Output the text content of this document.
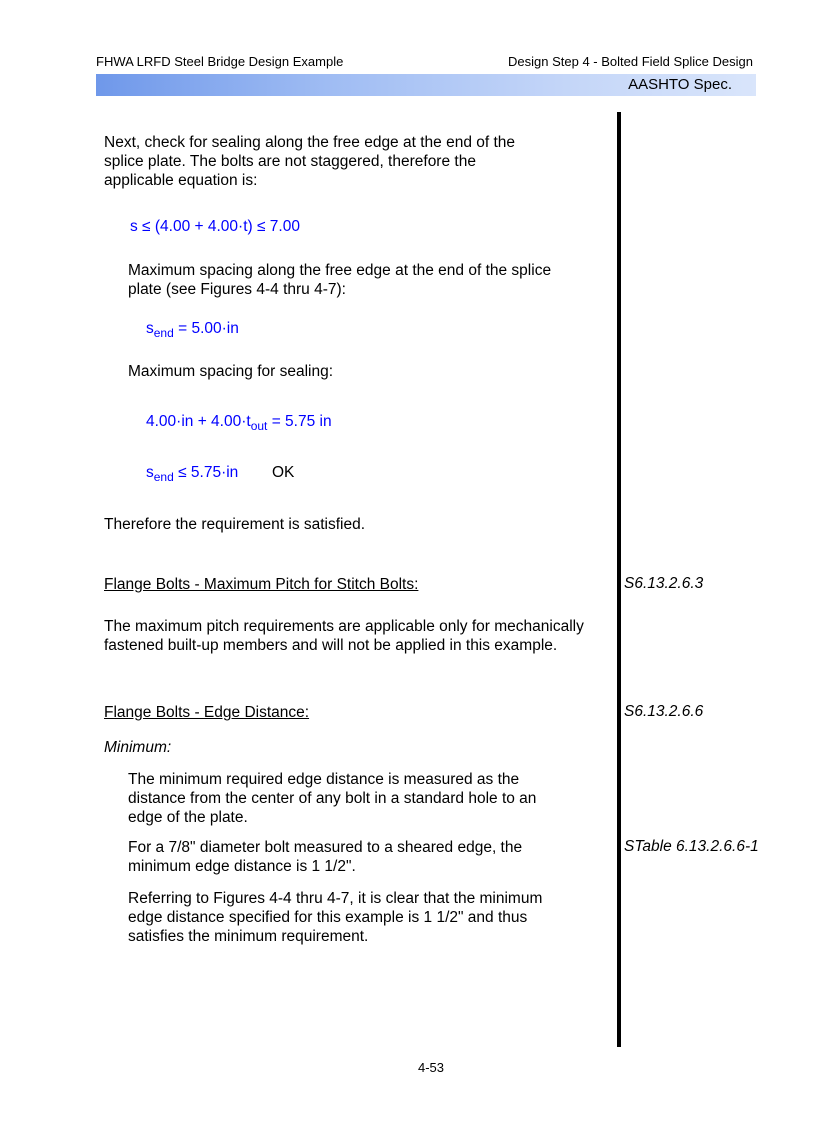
FHWA LRFD Steel Bridge Design Example	Design Step 4 - Bolted Field Splice Design
AASHTO Spec.
Next, check for sealing along the free edge at the end of the splice plate. The bolts are not staggered, therefore the applicable equation is:
s ≤ (4.00 + 4.00·t) ≤ 7.00
Maximum spacing along the free edge at the end of the splice plate (see Figures 4-4 thru 4-7):
$s_{end} = 5.00\cdot in$
Maximum spacing for sealing:
$4.00\cdot in + 4.00\cdot t_{out} = 5.75$ in
$s_{end} \le 5.75\cdot in$ OK
Therefore the requirement is satisfied.
Flange Bolts - Maximum Pitch for Stitch Bolts:	S6.13.2.6.3
The maximum pitch requirements are applicable only for mechanically fastened built-up members and will not be applied in this example.
Flange Bolts - Edge Distance:	S6.13.2.6.6
Minimum:
The minimum required edge distance is measured as the distance from the center of any bolt in a standard hole to an edge of the plate.
For a 7/8" diameter bolt measured to a sheared edge, the minimum edge distance is 1 1/2".
STable 6.13.2.6.6-1
Referring to Figures 4-4 thru 4-7, it is clear that the minimum edge distance specified for this example is 1 1/2" and thus satisfies the minimum requirement.
4-53
